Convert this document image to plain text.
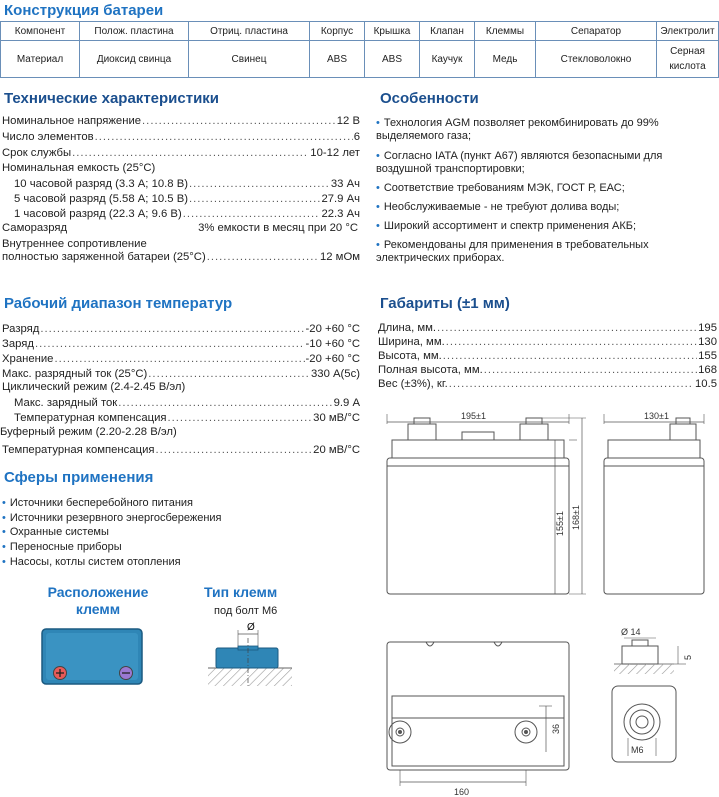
Конструкция батареи
Компонент	Полож. пластина	Отриц. пластина	Корпус	Крышка	Клапан	Клеммы	Сепаратор	Электролит
Материал	Диоксид свинца	Свинец	ABS	ABS	Каучук	Медь	Стекловолокно	Серная кислота
Технические характеристики
Номинальное напряжение .....	12 В
Число элементов .....	6
Срок службы .....	10-12 лет
Номинальная емкость (25°C)
10 часовой разряд (3.3 А; 10.8 В) .....	33 Ач
5 часовой разряд (5.58 А; 10.5 В) .....	27.9 Ач
1 часовой разряд (22.3 А; 9.6 В) .....	22.3 Ач
Саморазряд	3% емкости в месяц при 20 °C
Внутреннее сопротивление
полностью заряженной батареи (25°C) .....	12 мОм
Особенности
• Технология AGM позволяет рекомбинировать до 99% выделяемого газа;
• Согласно IATA (пункт А67) являются безопасными для воздушной транспортировки;
• Соответствие требованиям МЭК, ГОСТ Р, ЕАС;
• Необслуживаемые - не требуют долива воды;
• Широкий ассортимент и спектр применения АКБ;
• Рекомендованы для применения в требовательных электрических приборах.
Рабочий диапазон температур
Разряд .....	-20 +60 °C
Заряд .....	-10 +60 °C
Хранение .....	-20 +60 °C
Макс. разрядный ток (25°C) .....	330 А(5с)
Циклический режим (2.4-2.45 В/эл)
Макс. зарядный ток .....	9.9 А
Температурная компенсация .....	30 мВ/°C
Буферный режим (2.20-2.28 В/эл)
Температурная компенсация .....	20 мВ/°C
Габариты (±1 мм)
Длина, мм. .....	195
Ширина, мм. .....	130
Высота, мм. .....	155
Полная высота, мм. .....	168
Вес (±3%), кг. .....	10.5
Сферы применения
• Источники бесперебойного питания
• Источники резервного энергосбережения
• Охранные системы
• Переносные приборы
• Насосы, котлы систем отопления
Расположение
клемм
Тип клемм
под болт М6
Ø
195±1	130±1
155±1 168±1
Ø 14
5
М6
36
160
